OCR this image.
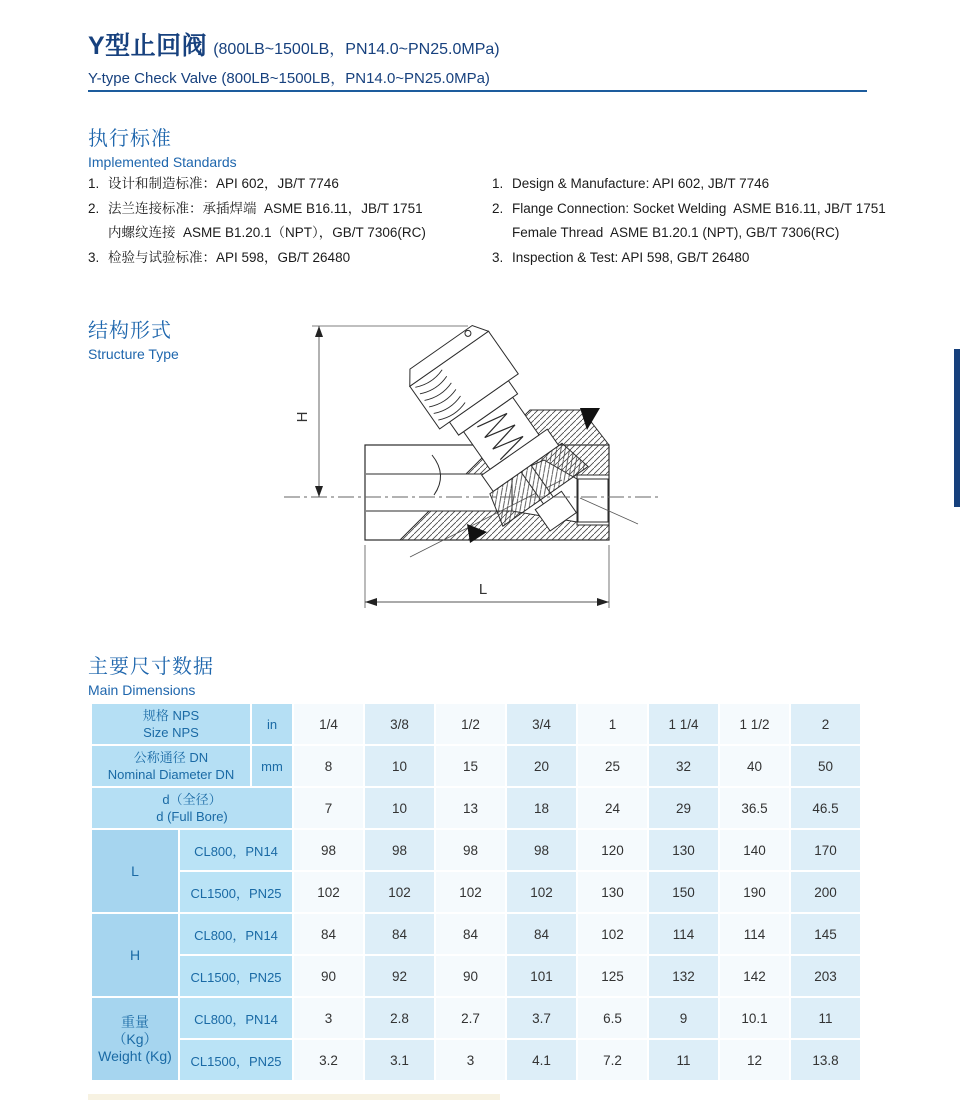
Y型止回阀 (800LB~1500LB，PN14.0~PN25.0MPa)
Y-type Check Valve (800LB~1500LB，PN14.0~PN25.0MPa)
执行标准
Implemented Standards
1. 设计和制造标准：API 602，JB/T 7746
2. 法兰连接标准：承插焊端  ASME B16.11，JB/T 1751
内螺纹连接  ASME B1.20.1（NPT），GB/T 7306(RC)
3. 检验与试验标准：API 598，GB/T 26480
1. Design & Manufacture: API 602, JB/T 7746
2. Flange Connection: Socket Welding  ASME B16.11, JB/T 1751
Female Thread  ASME B1.20.1 (NPT), GB/T 7306(RC)
3. Inspection & Test: API 598, GB/T 26480
结构形式
Structure Type
H
L
主要尺寸数据
Main Dimensions
规格 NPS
Size NPS		in	1/4	3/8	1/2	3/4	1	1 1/4	1 1/2	2

公称通径 DN
Nominal Diameter DN		mm	8	10	15	20	25	32	40	50

d（全径）
d (Full Bore)			7	10	13	18	24	29	36.5	46.5

L	CL800，PN14		98	98	98	98	120	130	140	170

	CL1500，PN25		102	102	102	102	130	150	190	200

H	CL800，PN14		84	84	84	84	102	114	114	145

	CL1500，PN25		90	92	90	101	125	132	142	203

重量
（Kg）
Weight (Kg)	CL800，PN14		3	2.8	2.7	3.7	6.5	9	10.1	11

	CL1500，PN25		3.2	3.1	3	4.1	7.2	11	12	13.8
